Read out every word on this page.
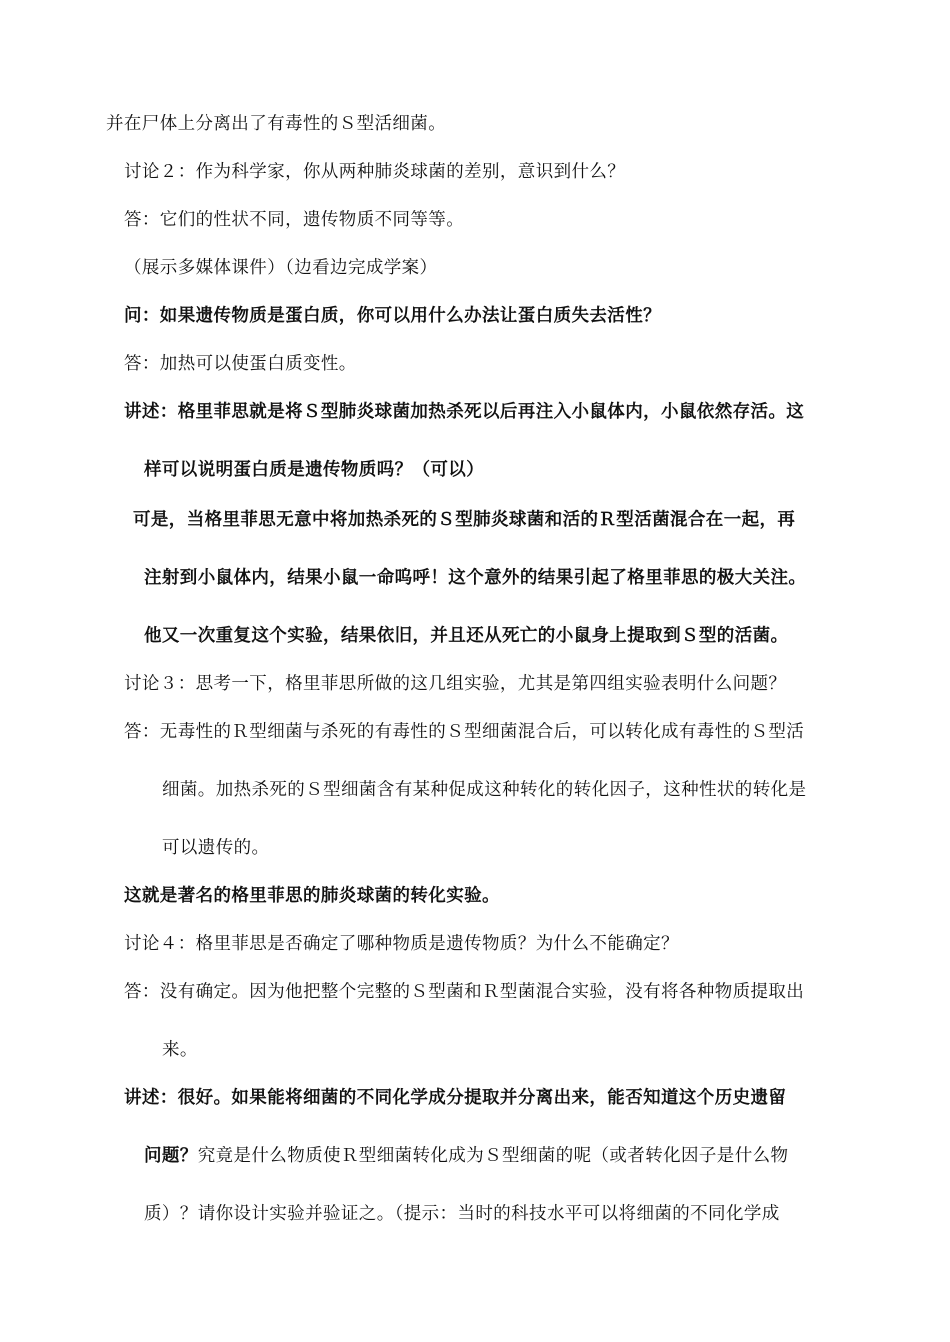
并在尸体上分离出了有毒性的Ｓ型活细菌。
讨论２：作为科学家，你从两种肺炎球菌的差别，意识到什么？
答：它们的性状不同，遗传物质不同等等。
（展示多媒体课件）（边看边完成学案）
问：如果遗传物质是蛋白质，你可以用什么办法让蛋白质失去活性？
答：加热可以使蛋白质变性。
讲述：格里菲思就是将Ｓ型肺炎球菌加热杀死以后再注入小鼠体内，小鼠依然存活。这
样可以说明蛋白质是遗传物质吗？（可以）
可是，当格里菲思无意中将加热杀死的Ｓ型肺炎球菌和活的Ｒ型活菌混合在一起，再
注射到小鼠体内，结果小鼠一命呜呼！这个意外的结果引起了格里菲思的极大关注。
他又一次重复这个实验，结果依旧，并且还从死亡的小鼠身上提取到Ｓ型的活菌。
讨论３：思考一下，格里菲思所做的这几组实验，尤其是第四组实验表明什么问题？
答：无毒性的Ｒ型细菌与杀死的有毒性的Ｓ型细菌混合后，可以转化成有毒性的Ｓ型活
细菌。加热杀死的Ｓ型细菌含有某种促成这种转化的转化因子，这种性状的转化是
可以遗传的。
这就是著名的格里菲思的肺炎球菌的转化实验。
讨论４：格里菲思是否确定了哪种物质是遗传物质？为什么不能确定？
答：没有确定。因为他把整个完整的Ｓ型菌和Ｒ型菌混合实验，没有将各种物质提取出
来。
讲述：很好。如果能将细菌的不同化学成分提取并分离出来，能否知道这个历史遗留
问题？究竟是什么物质使Ｒ型细菌转化成为Ｓ型细菌的呢（或者转化因子是什么物
质）？请你设计实验并验证之。（提示：当时的科技水平可以将细菌的不同化学成
